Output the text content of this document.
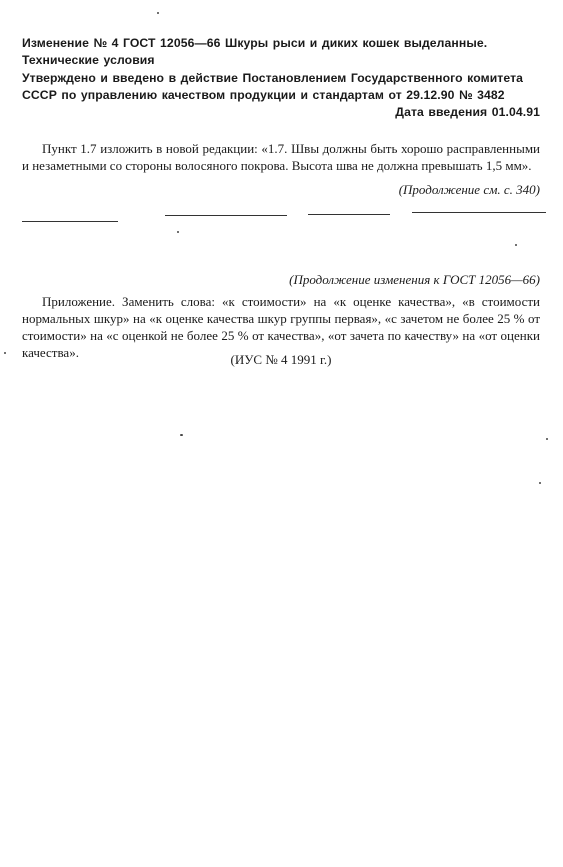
Изменение № 4 ГОСТ 12056—66 Шкуры рыси и диких кошек выделанные. Технические условия
Утверждено и введено в действие Постановлением Государственного комитета СССР по управлению качеством продукции и стандартам от 29.12.90 № 3482
Дата введения 01.04.91
Пункт 1.7 изложить в новой редакции: «1.7. Швы должны быть хорошо расправленными и незаметными со стороны волосяного покрова. Высота шва не должна превышать 1,5 мм».
(Продолжение см. с. 340)
(Продолжение изменения к ГОСТ 12056—66)
Приложение. Заменить слова: «к стоимости» на «к оценке качества», «в стоимости нормальных шкур» на «к оценке качества шкур группы первая», «с зачетом не более 25 % от стоимости» на «с оценкой не более 25 % от качества», «от зачета по качеству» на «от оценки качества».	(ИУС № 4 1991 г.)
